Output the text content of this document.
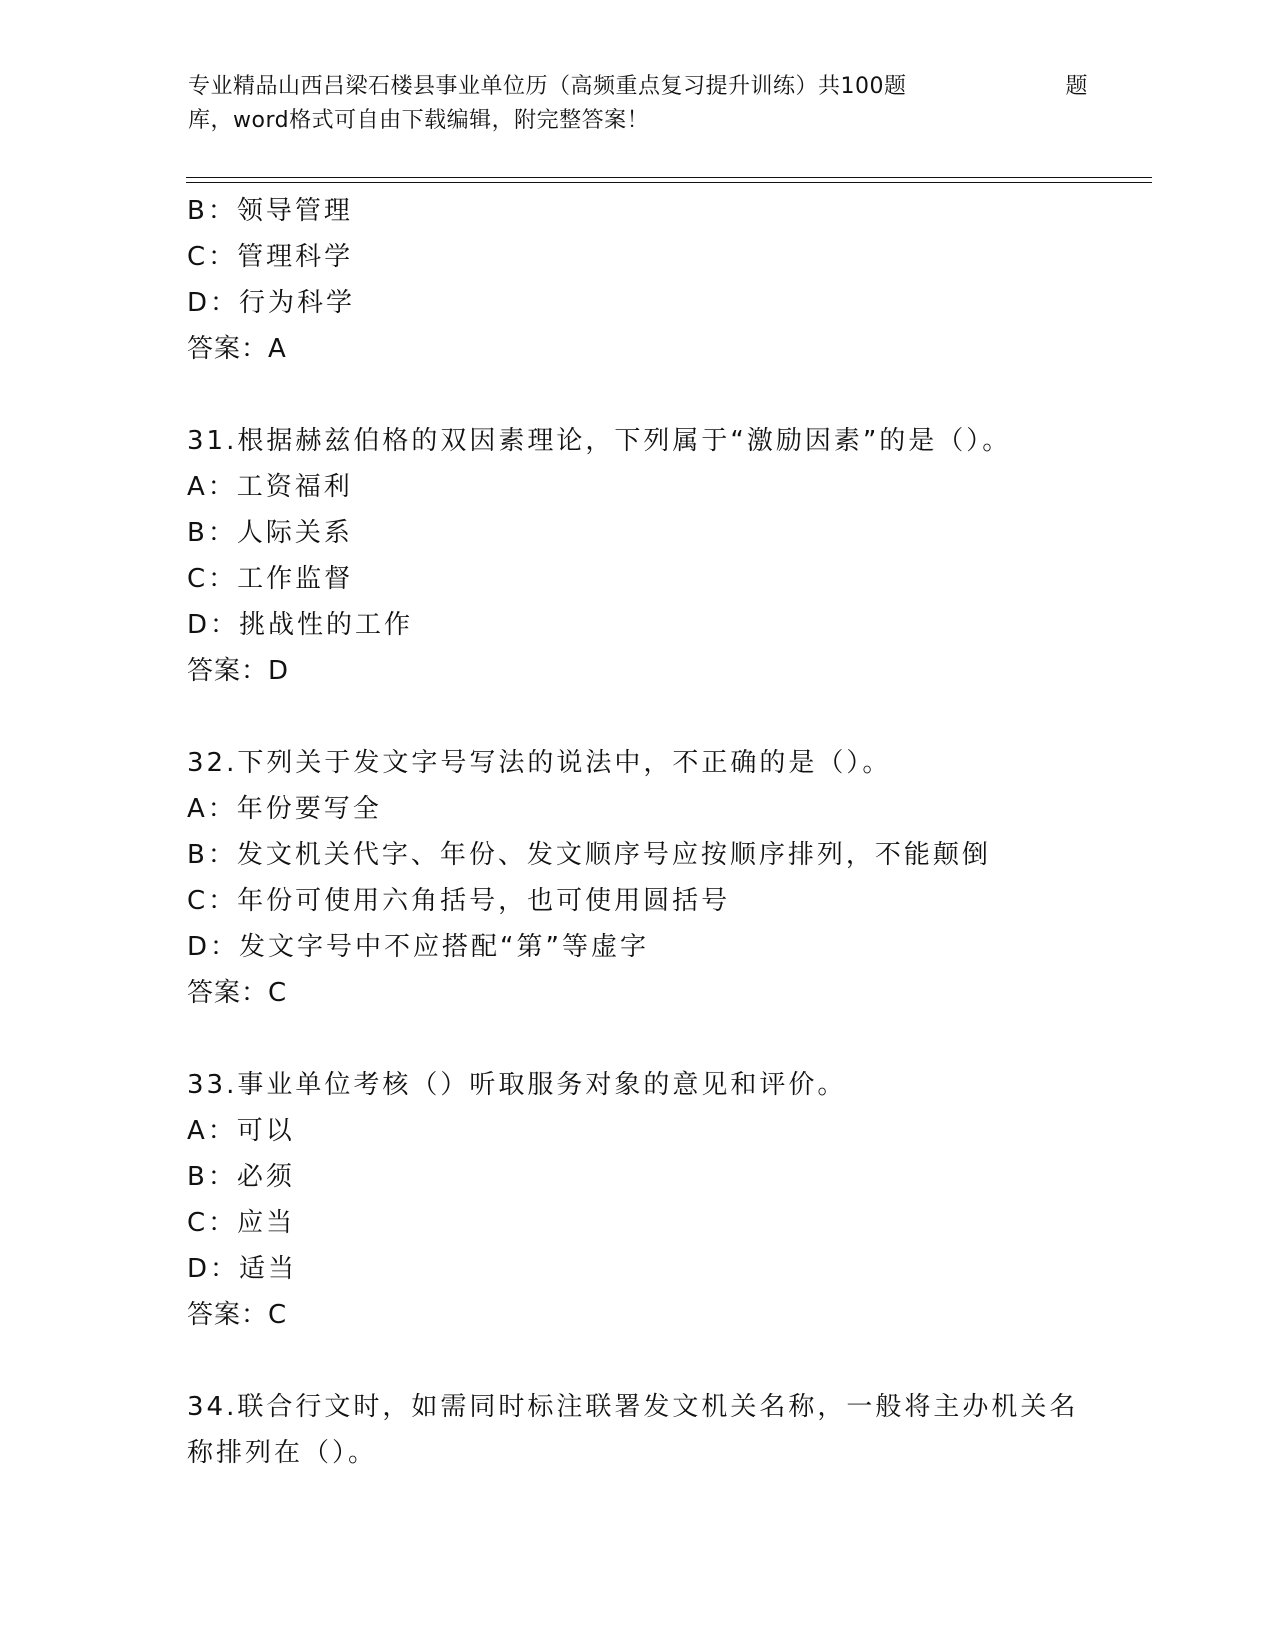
专业精品山西吕梁石楼县事业单位历（高频重点复习提升训练）共100题	题
库，word格式可自由下载编辑，附完整答案！
B：领导管理
C：管理科学
D：行为科学
答案：A
31.根据赫兹伯格的双因素理论，下列属于“激励因素”的是（）。
A：工资福利
B：人际关系
C：工作监督
D：挑战性的工作
答案：D
32.下列关于发文字号写法的说法中，不正确的是（）。
A：年份要写全
B：发文机关代字、年份、发文顺序号应按顺序排列，不能颠倒
C：年份可使用六角括号，也可使用圆括号
D：发文字号中不应搭配“第”等虚字
答案：C
33.事业单位考核（）听取服务对象的意见和评价。
A：可以
B：必须
C：应当
D：适当
答案：C
34.联合行文时，如需同时标注联署发文机关名称，一般将主办机关名
称排列在（）。
